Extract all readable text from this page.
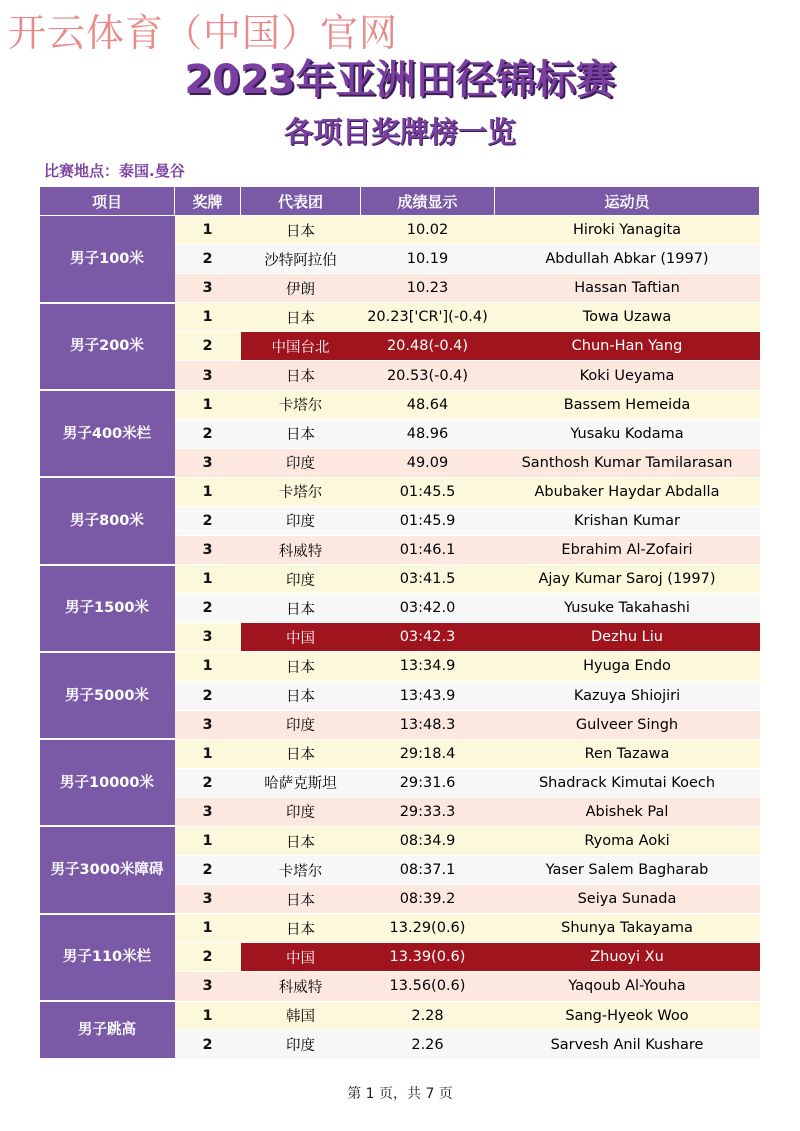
开云体育（中国）官网
2023年亚洲田径锦标赛
各项目奖牌榜一览
比赛地点：泰国.曼谷
项目	奖牌	代表团	成绩显示	运动员
男子100米	1	日本	10.02	Hiroki Yanagita
	2	沙特阿拉伯	10.19	Abdullah Abkar (1997)
	3	伊朗	10.23	Hassan Taftian
男子200米	1	日本	20.23['CR'](-0.4)	Towa Uzawa
	2	中国台北	20.48(-0.4)	Chun-Han Yang
	3	日本	20.53(-0.4)	Koki Ueyama
男子400米栏	1	卡塔尔	48.64	Bassem Hemeida
	2	日本	48.96	Yusaku Kodama
	3	印度	49.09	Santhosh Kumar Tamilarasan
男子800米	1	卡塔尔	01:45.5	Abubaker Haydar Abdalla
	2	印度	01:45.9	Krishan Kumar
	3	科威特	01:46.1	Ebrahim Al-Zofairi
男子1500米	1	印度	03:41.5	Ajay Kumar Saroj (1997)
	2	日本	03:42.0	Yusuke Takahashi
	3	中国	03:42.3	Dezhu Liu
男子5000米	1	日本	13:34.9	Hyuga Endo
	2	日本	13:43.9	Kazuya Shiojiri
	3	印度	13:48.3	Gulveer Singh
男子10000米	1	日本	29:18.4	Ren Tazawa
	2	哈萨克斯坦	29:31.6	Shadrack Kimutai Koech
	3	印度	29:33.3	Abishek Pal
男子3000米障碍	1	日本	08:34.9	Ryoma Aoki
	2	卡塔尔	08:37.1	Yaser Salem Bagharab
	3	日本	08:39.2	Seiya Sunada
男子110米栏	1	日本	13.29(0.6)	Shunya Takayama
	2	中国	13.39(0.6)	Zhuoyi Xu
	3	科威特	13.56(0.6)	Yaqoub Al-Youha
男子跳高	1	韩国	2.28	Sang-Hyeok Woo
	2	印度	2.26	Sarvesh Anil Kushare
第 1 页，共 7 页
